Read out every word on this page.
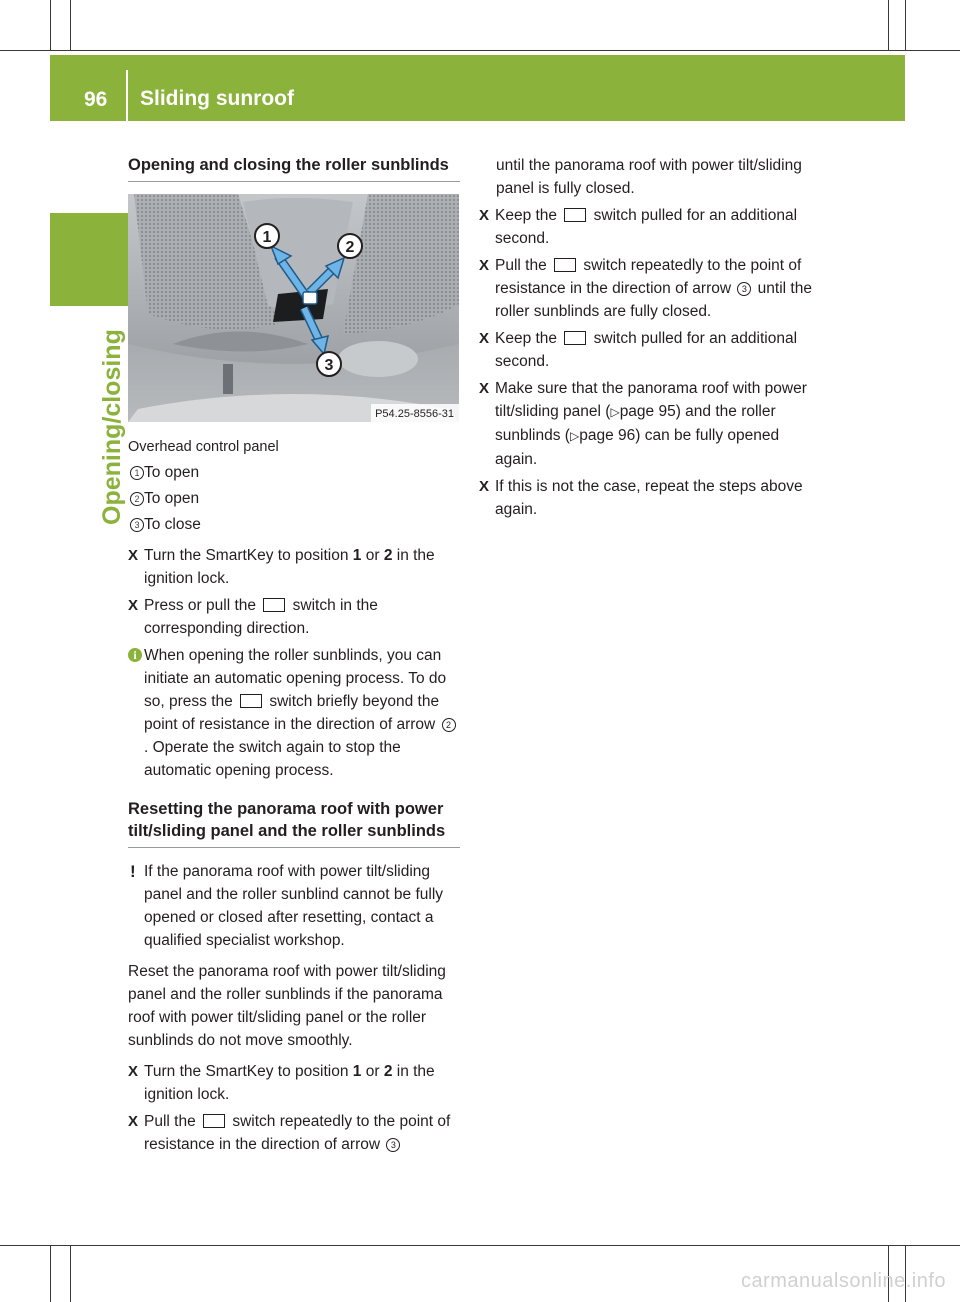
96 Sliding sunroof
Opening/closing
Opening and closing the roller sunblinds
1
2
3
P54.25-8556-31
Overhead control panel
1 To open
2 To open
3 To close
X Turn the SmartKey to position 1 or 2 in the ignition lock.
X Press or pull the  switch in the corresponding direction.
i When opening the roller sunblinds, you can initiate an automatic opening process. To do so, press the  switch briefly beyond the point of resistance in the direction of arrow 2. Operate the switch again to stop the automatic opening process.
Resetting the panorama roof with power tilt/sliding panel and the roller sunblinds
! If the panorama roof with power tilt/sliding panel and the roller sunblind cannot be fully opened or closed after resetting, contact a qualified specialist workshop.

Reset the panorama roof with power tilt/sliding panel and the roller sunblinds if the panorama roof with power tilt/sliding panel or the roller sunblinds do not move smoothly.

X Turn the SmartKey to position 1 or 2 in the ignition lock.
X Pull the  switch repeatedly to the point of resistance in the direction of arrow 3

until the panorama roof with power tilt/sliding panel is fully closed.

X Keep the  switch pulled for an additional second.
X Pull the  switch repeatedly to the point of resistance in the direction of arrow 3 until the roller sunblinds are fully closed.
X Keep the  switch pulled for an additional second.
X Make sure that the panorama roof with power tilt/sliding panel (▷page 95) and the roller sunblinds (▷page 96) can be fully opened again.
X If this is not the case, repeat the steps above again.
carmanualsonline.info
